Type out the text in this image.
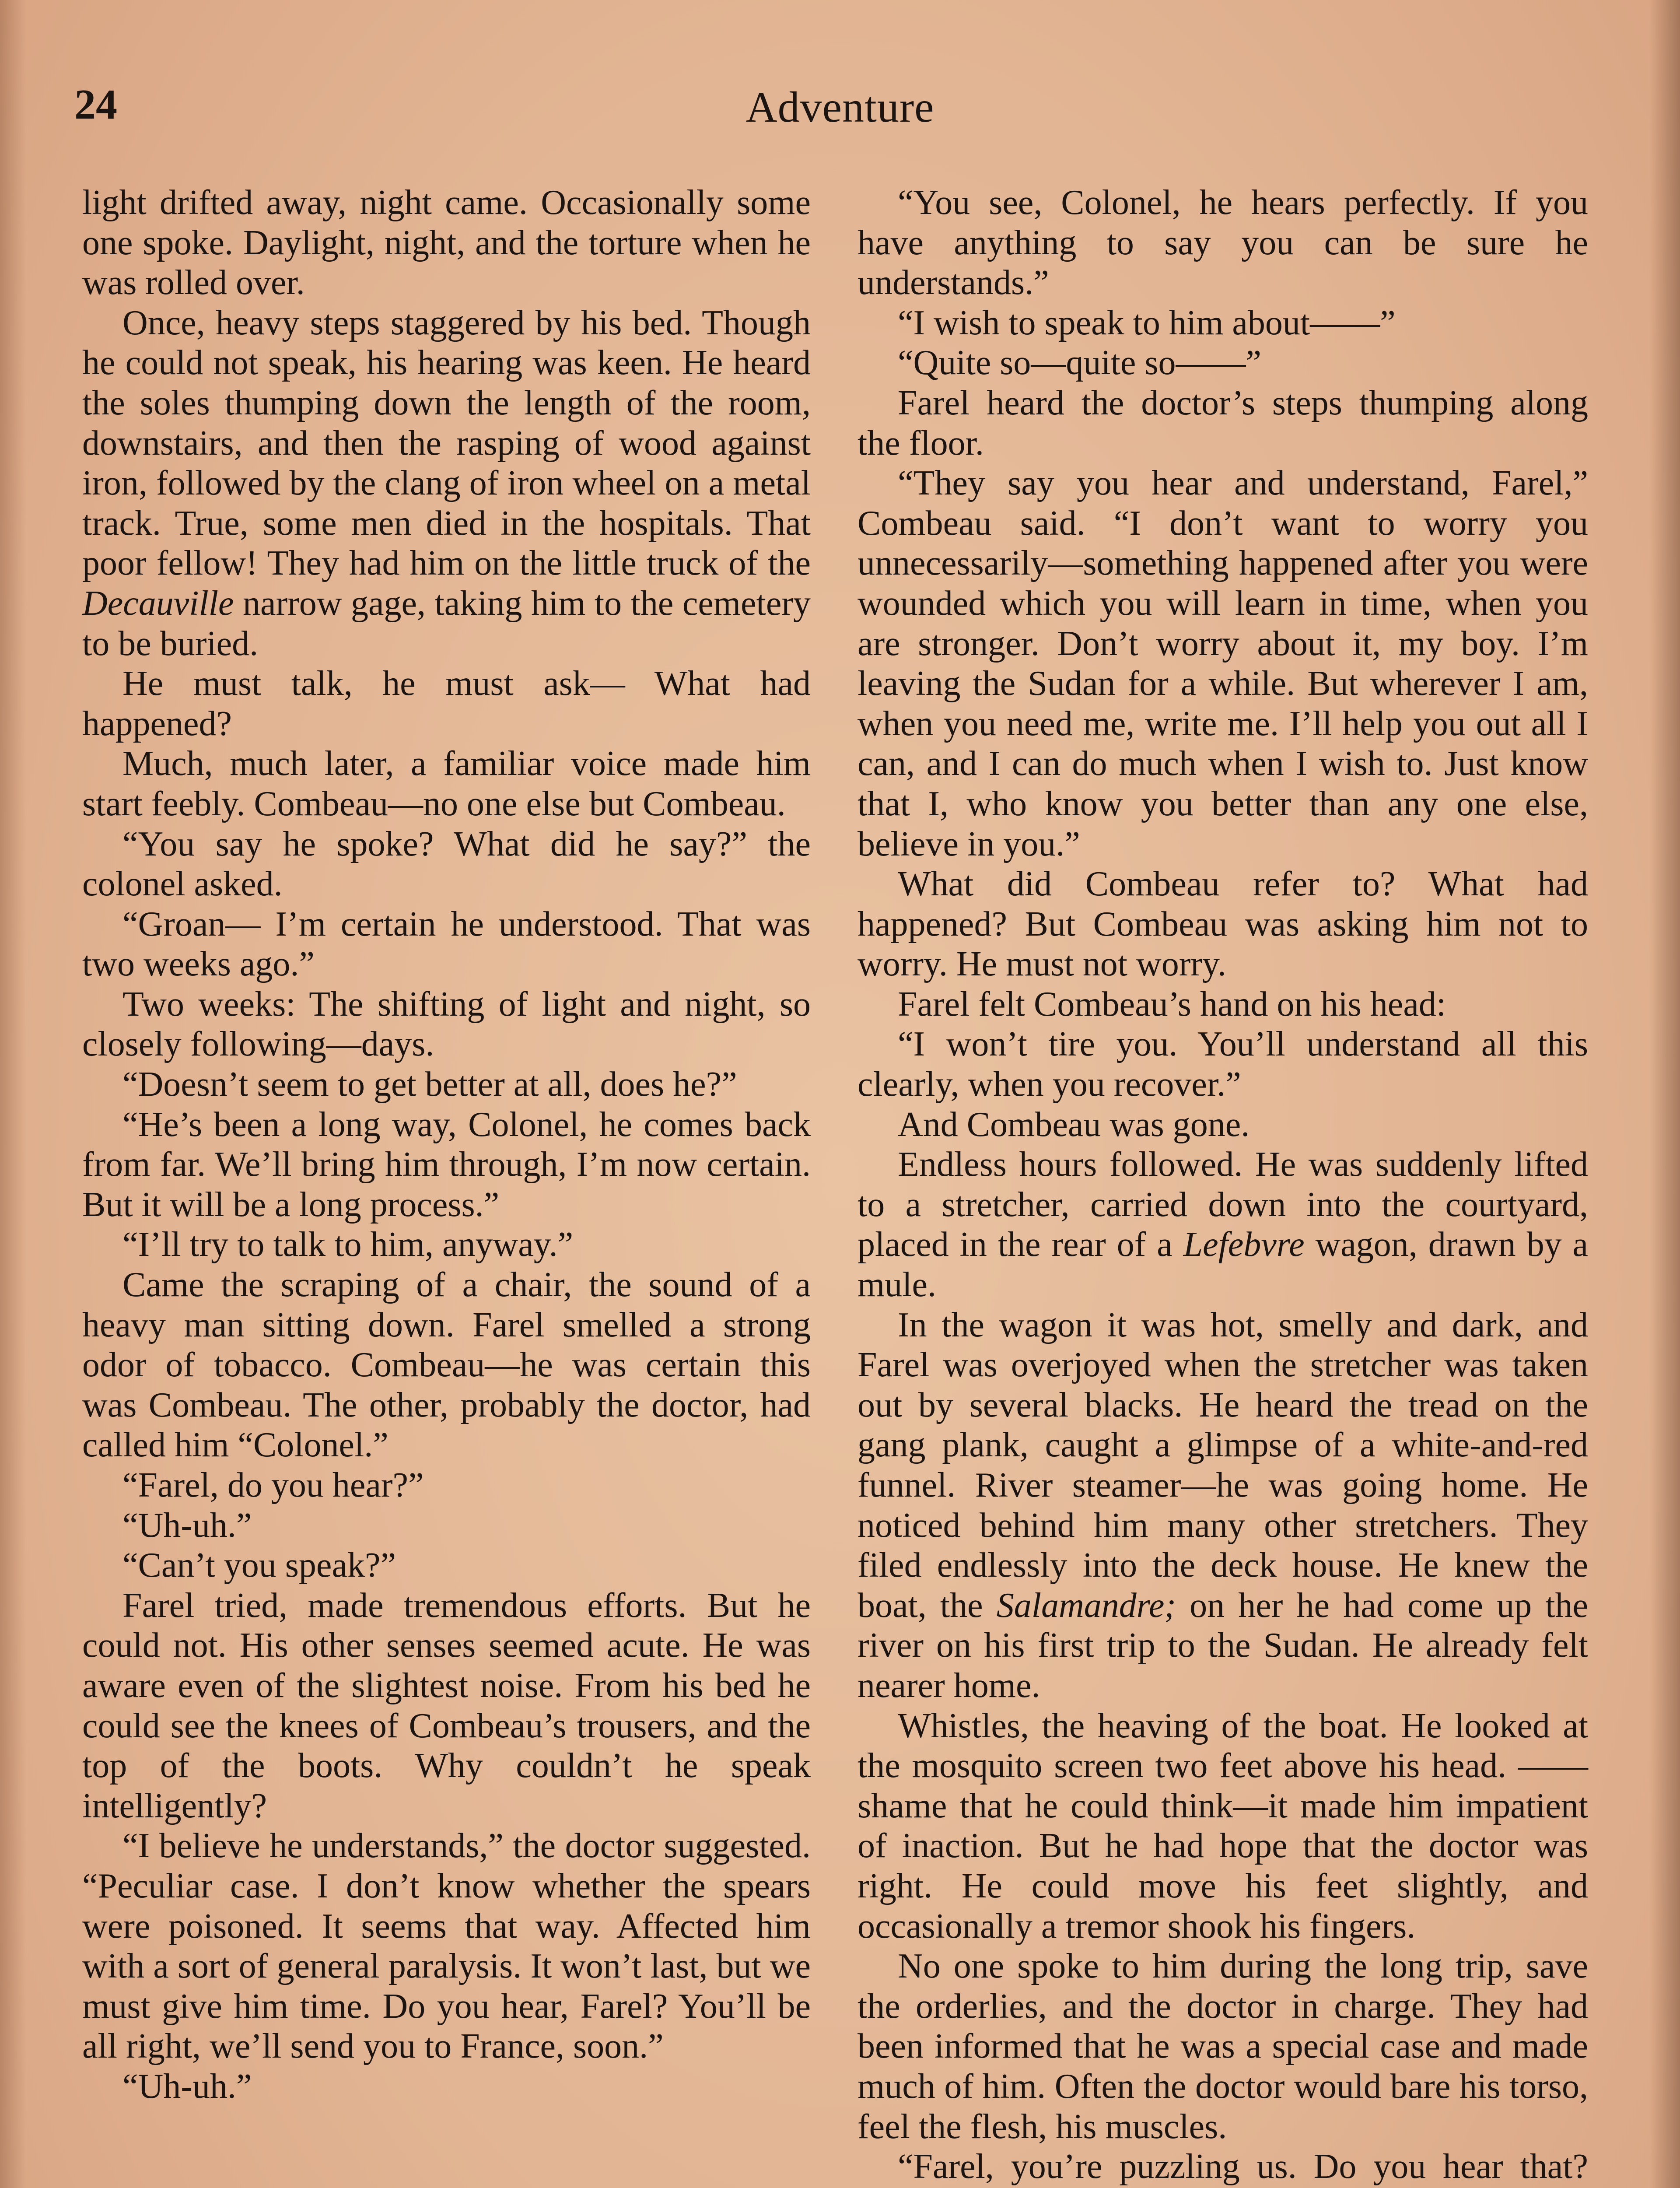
24	Adventure

light drifted away, night came. Occasionally some one spoke. Daylight, night, and the torture when he was rolled over.

Once, heavy steps staggered by his bed. Though he could not speak, his hearing was keen. He heard the soles thumping down the length of the room, downstairs, and then the rasping of wood against iron, followed by the clang of iron wheel on a metal track. True, some men died in the hospitals. That poor fellow! They had him on the little truck of the Decauville narrow gage, taking him to the cemetery to be buried.

He must talk, he must ask— What had happened?

Much, much later, a familiar voice made him start feebly. Combeau—no one else but Combeau.

“You say he spoke? What did he say?” the colonel asked.

“Groan— I’m certain he understood. That was two weeks ago.”

Two weeks: The shifting of light and night, so closely following—days.

“Doesn’t seem to get better at all, does he?”

“He’s been a long way, Colonel, he comes back from far. We’ll bring him through, I’m now certain. But it will be a long process.”

“I’ll try to talk to him, anyway.”

Came the scraping of a chair, the sound of a heavy man sitting down. Farel smelled a strong odor of tobacco. Combeau—he was certain this was Combeau. The other, probably the doctor, had called him “Colonel.”

“Farel, do you hear?”

“Uh-uh.”

“Can’t you speak?”

Farel tried, made tremendous efforts. But he could not. His other senses seemed acute. He was aware even of the slightest noise. From his bed he could see the knees of Combeau’s trousers, and the top of the boots. Why couldn’t he speak intelligently?

“I believe he understands,” the doctor suggested. “Peculiar case. I don’t know whether the spears were poisoned. It seems that way. Affected him with a sort of general paralysis. It won’t last, but we must give him time. Do you hear, Farel? You’ll be all right, we’ll send you to France, soon.”

“Uh-uh.”

“You see, Colonel, he hears perfectly. If you have anything to say you can be sure he understands.”

“I wish to speak to him about——”

“Quite so—quite so——”

Farel heard the doctor’s steps thumping along the floor.

“They say you hear and understand, Farel,” Combeau said. “I don’t want to worry you unnecessarily—something happened after you were wounded which you will learn in time, when you are stronger. Don’t worry about it, my boy. I’m leaving the Sudan for a while. But wherever I am, when you need me, write me. I’ll help you out all I can, and I can do much when I wish to. Just know that I, who know you better than any one else, believe in you.”

What did Combeau refer to? What had happened? But Combeau was asking him not to worry. He must not worry.

Farel felt Combeau’s hand on his head:

“I won’t tire you. You’ll understand all this clearly, when you recover.”

And Combeau was gone.

Endless hours followed. He was suddenly lifted to a stretcher, carried down into the courtyard, placed in the rear of a Lefebvre wagon, drawn by a mule.

In the wagon it was hot, smelly and dark, and Farel was overjoyed when the stretcher was taken out by several blacks. He heard the tread on the gang plank, caught a glimpse of a white-and-red funnel. River steamer—he was going home. He noticed behind him many other stretchers. They filed endlessly into the deck house. He knew the boat, the Salamandre; on her he had come up the river on his first trip to the Sudan. He already felt nearer home.

Whistles, the heaving of the boat. He looked at the mosquito screen two feet above his head. —— shame that he could think—it made him impatient of inaction. But he had hope that the doctor was right. He could move his feet slightly, and occasionally a tremor shook his fingers.

No one spoke to him during the long trip, save the orderlies, and the doctor in charge. They had been informed that he was a special case and made much of him. Often the doctor would bare his torso, feel the flesh, his muscles.

“Farel, you’re puzzling us. Do you hear that?
